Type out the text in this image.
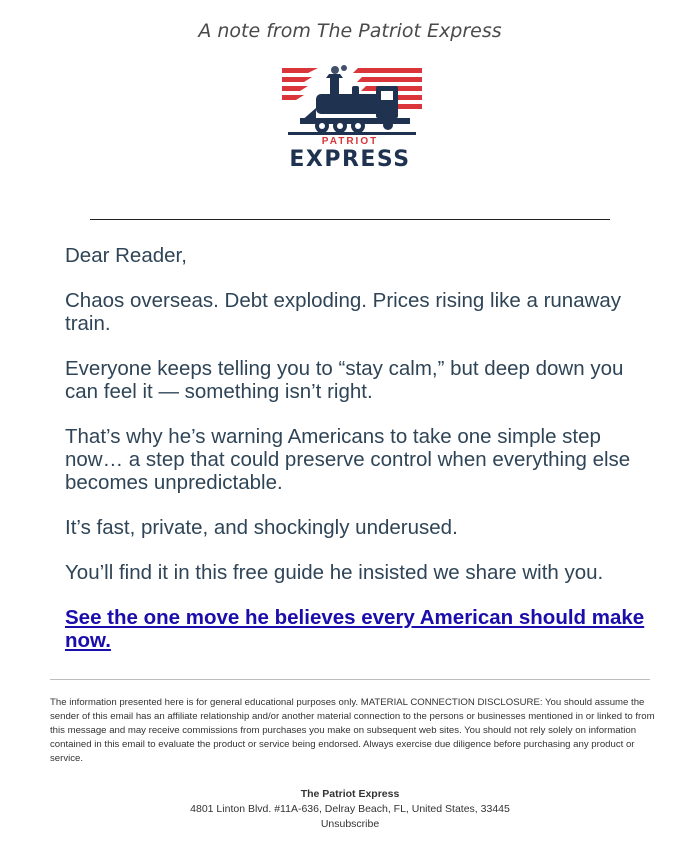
A note from The Patriot Express
PATRIOT
EXPRESS

Dear Reader,

Chaos overseas. Debt exploding. Prices rising like a runaway train.

Everyone keeps telling you to “stay calm,” but deep down you can feel it — something isn’t right.

That’s why he’s warning Americans to take one simple step now… a step that could preserve control when everything else becomes unpredictable.

It’s fast, private, and shockingly underused.

You’ll find it in this free guide he insisted we share with you.

See the one move he believes every American should make now.

The information presented here is for general educational purposes only. MATERIAL CONNECTION DISCLOSURE: You should assume the sender of this email has an affiliate relationship and/or another material connection to the persons or businesses mentioned in or linked to from this message and may receive commissions from purchases you make on subsequent web sites. You should not rely solely on information contained in this email to evaluate the product or service being endorsed. Always exercise due diligence before purchasing any product or service.
The Patriot Express
4801 Linton Blvd. #11A-636, Delray Beach, FL, United States, 33445
Unsubscribe
